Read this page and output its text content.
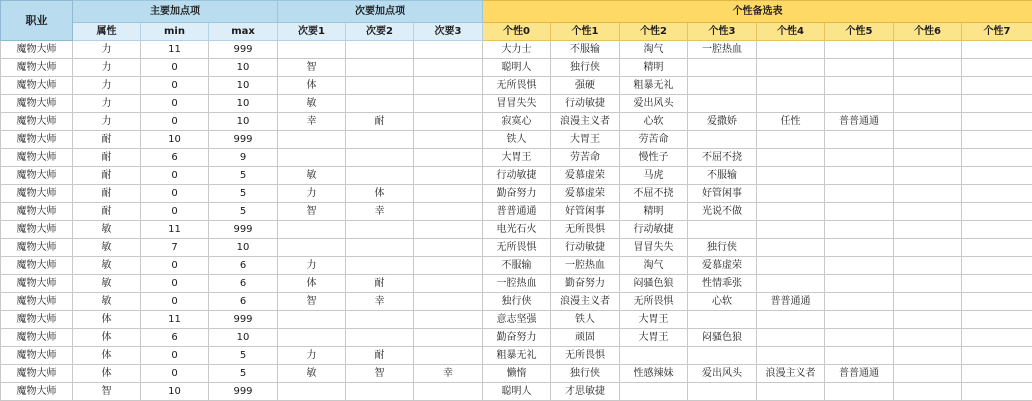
职业	主要加点项			次要加点项			个性备选表							
	属性	min	max	次要1	次要2	次要3	个性0	个性1	个性2	个性3	个性4	个性5	个性6	个性7
魔物大师	力	11	999				大力士	不服输	淘气	一腔热血				
魔物大师	力	0	10	智			聪明人	独行侠	精明					
魔物大师	力	0	10	体			无所畏惧	强硬	粗暴无礼					
魔物大师	力	0	10	敏			冒冒失失	行动敏捷	爱出风头					
魔物大师	力	0	10	幸	耐		寂寞心	浪漫主义者	心软	爱撒娇	任性	普普通通		
魔物大师	耐	10	999				铁人	大胃王	劳苦命					
魔物大师	耐	6	9				大胃王	劳苦命	慢性子	不屈不挠				
魔物大师	耐	0	5	敏			行动敏捷	爱慕虚荣	马虎	不服输				
魔物大师	耐	0	5	力	体		勤奋努力	爱慕虚荣	不屈不挠	好管闲事				
魔物大师	耐	0	5	智	幸		普普通通	好管闲事	精明	光说不做				
魔物大师	敏	11	999				电光石火	无所畏惧	行动敏捷					
魔物大师	敏	7	10				无所畏惧	行动敏捷	冒冒失失	独行侠				
魔物大师	敏	0	6	力			不服输	一腔热血	淘气	爱慕虚荣				
魔物大师	敏	0	6	体	耐		一腔热血	勤奋努力	闷骚色狼	性情乖张				
魔物大师	敏	0	6	智	幸		独行侠	浪漫主义者	无所畏惧	心软	普普通通			
魔物大师	体	11	999				意志坚强	铁人	大胃王					
魔物大师	体	6	10				勤奋努力	顽固	大胃王	闷骚色狼				
魔物大师	体	0	5	力	耐		粗暴无礼	无所畏惧						
魔物大师	体	0	5	敏	智	幸	懒惰	独行侠	性感辣妹	爱出风头	浪漫主义者	普普通通		
魔物大师	智	10	999				聪明人	才思敏捷						
